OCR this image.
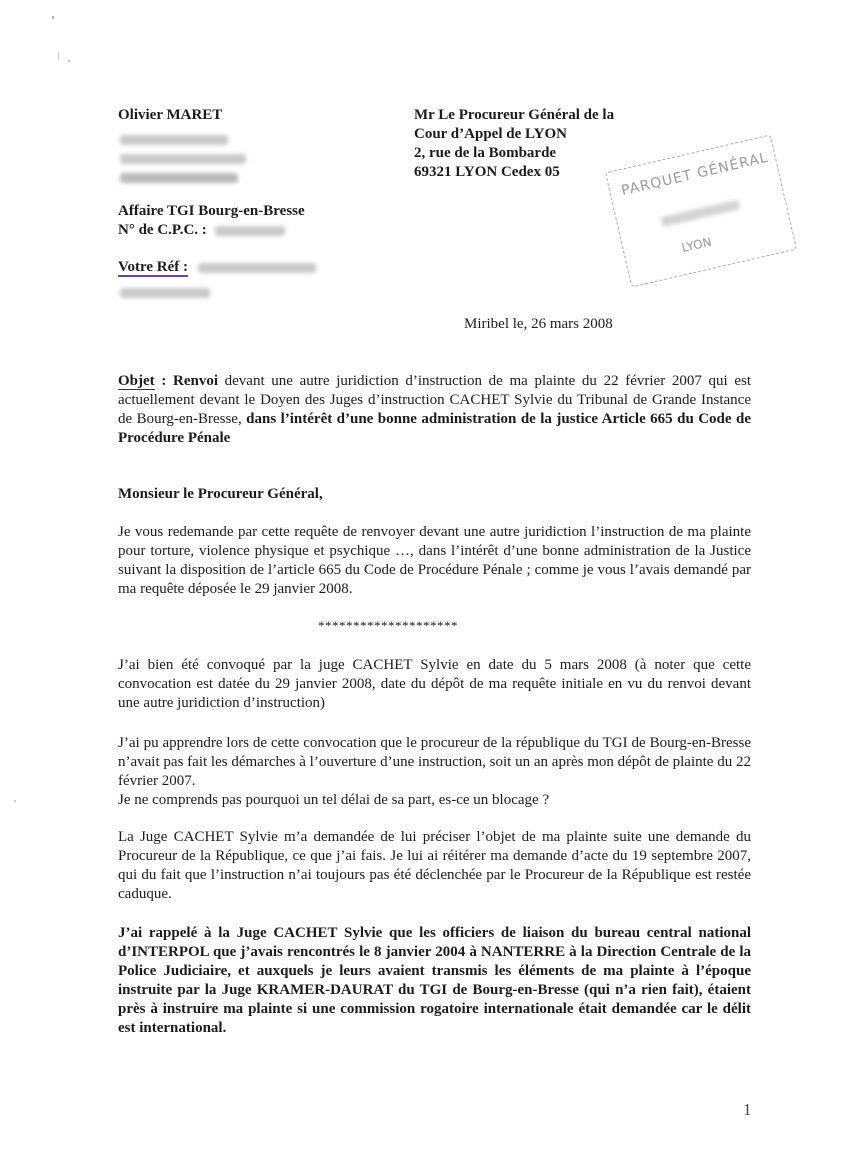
Olivier MARET
Affaire TGI Bourg-en-Bresse
N° de C.P.C. :
Votre Réf :
Mr Le Procureur Général de la
Cour d’Appel de LYON
2, rue de la Bombarde
69321 LYON Cedex 05	PARQUET GÉNÉRAL
LYON
Miribel le, 26 mars 2008

Objet : Renvoi devant une autre juridiction d’instruction de ma plainte du 22 février 2007 qui est actuellement devant le Doyen des Juges d’instruction CACHET Sylvie du Tribunal de Grande Instance de Bourg-en-Bresse, dans l’intérêt d’une bonne administration de la justice Article 665 du Code de Procédure Pénale

Monsieur le Procureur Général,

Je vous redemande par cette requête de renvoyer devant une autre juridiction l’instruction de ma plainte pour torture, violence physique et psychique …, dans l’intérêt d’une bonne administration de la Justice suivant la disposition de l’article 665 du Code de Procédure Pénale ; comme je vous l’avais demandé par ma requête déposée le 29 janvier 2008.

********************

J’ai bien été convoqué par la juge CACHET Sylvie en date du 5 mars 2008 (à noter que cette convocation est datée du 29 janvier 2008, date du dépôt de ma requête initiale en vu du renvoi devant une autre juridiction d’instruction)

J’ai pu apprendre lors de cette convocation que le procureur de la république du TGI de Bourg-en-Bresse n’avait pas fait les démarches à l’ouverture d’une instruction, soit un an après mon dépôt de plainte du 22 février 2007.

Je ne comprends pas pourquoi un tel délai de sa part, es-ce un blocage ?

La Juge CACHET Sylvie m’a demandée de lui préciser l’objet de ma plainte suite une demande du Procureur de la République, ce que j’ai fais. Je lui ai réitérer ma demande d’acte du 19 septembre 2007, qui du fait que l’instruction n’ai toujours pas été déclenchée par le Procureur de la République est restée caduque.

J’ai rappelé à la Juge CACHET Sylvie que les officiers de liaison du bureau central national d’INTERPOL que j’avais rencontrés le 8 janvier 2004 à NANTERRE à la Direction Centrale de la Police Judiciaire, et auxquels je leurs avaient transmis les éléments de ma plainte à l’époque instruite par la Juge KRAMER-DAURAT du TGI de Bourg-en-Bresse (qui n’a rien fait), étaient près à instruire ma plainte si une commission rogatoire internationale était demandée car le délit est international.

1
